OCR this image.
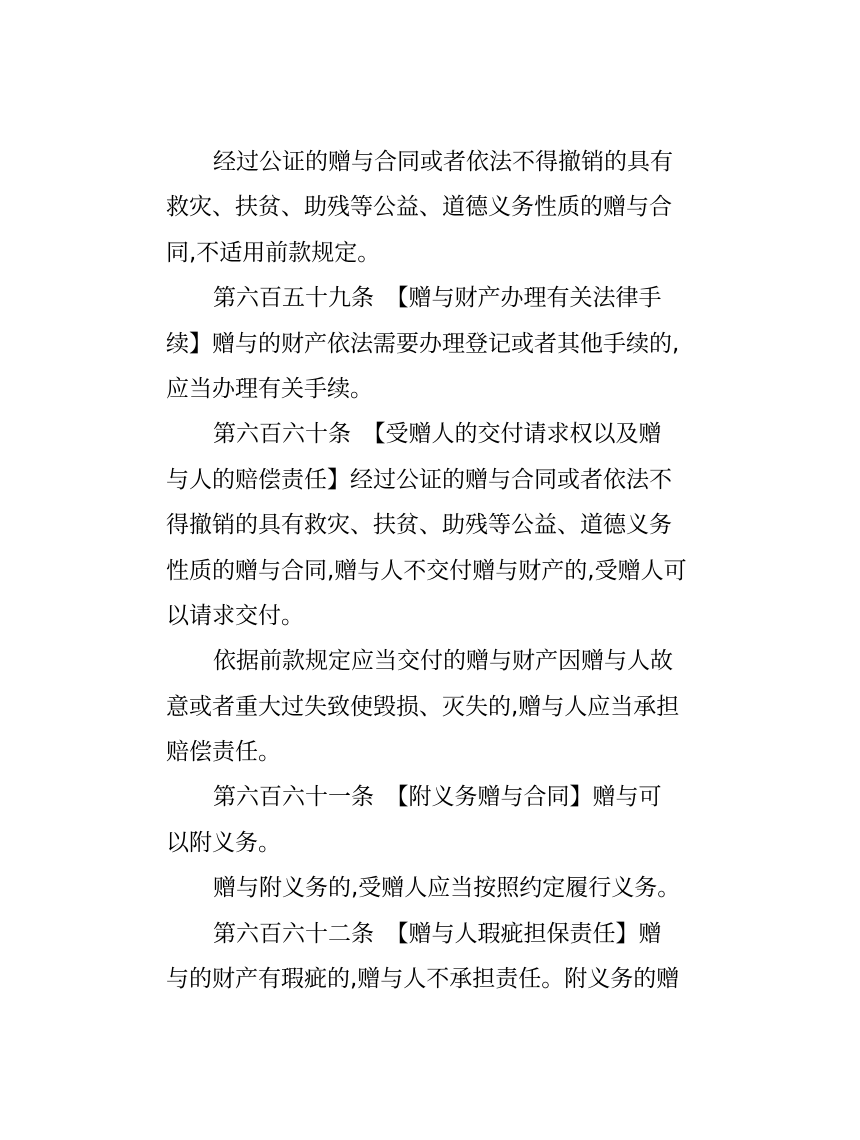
经过公证的赠与合同或者依法不得撤销的具有
救灾、扶贫、助残等公益、道德义务性质的赠与合
同,不适用前款规定。
第六百五十九条　【赠与财产办理有关法律手
续】赠与的财产依法需要办理登记或者其他手续的,
应当办理有关手续。
第六百六十条　【受赠人的交付请求权以及赠
与人的赔偿责任】经过公证的赠与合同或者依法不
得撤销的具有救灾、扶贫、助残等公益、道德义务
性质的赠与合同,赠与人不交付赠与财产的,受赠人可
以请求交付。
依据前款规定应当交付的赠与财产因赠与人故
意或者重大过失致使毁损、灭失的,赠与人应当承担
赔偿责任。
第六百六十一条　【附义务赠与合同】赠与可
以附义务。
赠与附义务的,受赠人应当按照约定履行义务。
第六百六十二条　【赠与人瑕疵担保责任】赠
与的财产有瑕疵的,赠与人不承担责任。附义务的赠
